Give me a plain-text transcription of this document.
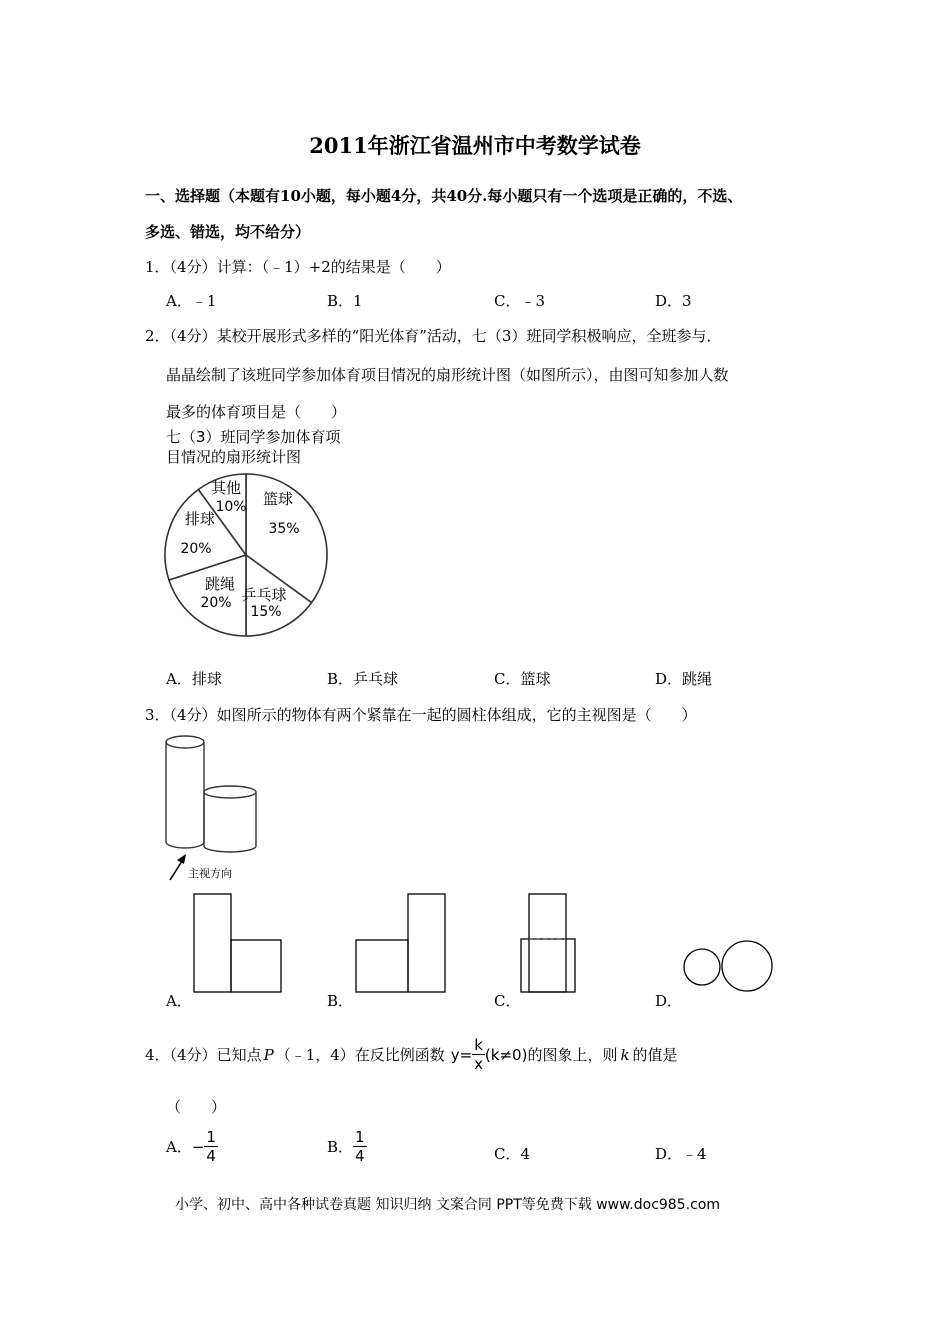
2011年浙江省温州市中考数学试卷
一、选择题（本题有10小题，每小题4分，共40分.每小题只有一个选项是正确的，不选、
多选、错选，均不给分）
1．（4分）计算：（﹣1）+2的结果是（　　）
A．﹣1	B．1	C．﹣3	D．3
2．（4分）某校开展形式多样的“阳光体育”活动，七（3）班同学积极响应，全班参与．
晶晶绘制了该班同学参加体育项目情况的扇形统计图（如图所示），由图可知参加人数
最多的体育项目是（　　）
七（3）班同学参加体育项
目情况的扇形统计图
篮球
35%
乒乓球
15%
跳绳
20%
排球
20%
其他
10%
A．排球	B．乒乓球	C．篮球	D．跳绳
3．（4分）如图所示的物体有两个紧靠在一起的圆柱体组成，它的主视图是（　　）
主视方向
A．	B．	C．	D．
4．（4分）已知点 P （﹣1，4）在反比例函数 $y= \frac{k}{x} (k\ne 0)$ 的图象上，则 k 的值是
（　　）
A． − $\frac{1}{4}$	B． $\frac{1}{4}$	C．4	D．﹣4
小学、初中、高中各种试卷真题 知识归纳 文案合同 PPT等免费下载 www.doc985.com
